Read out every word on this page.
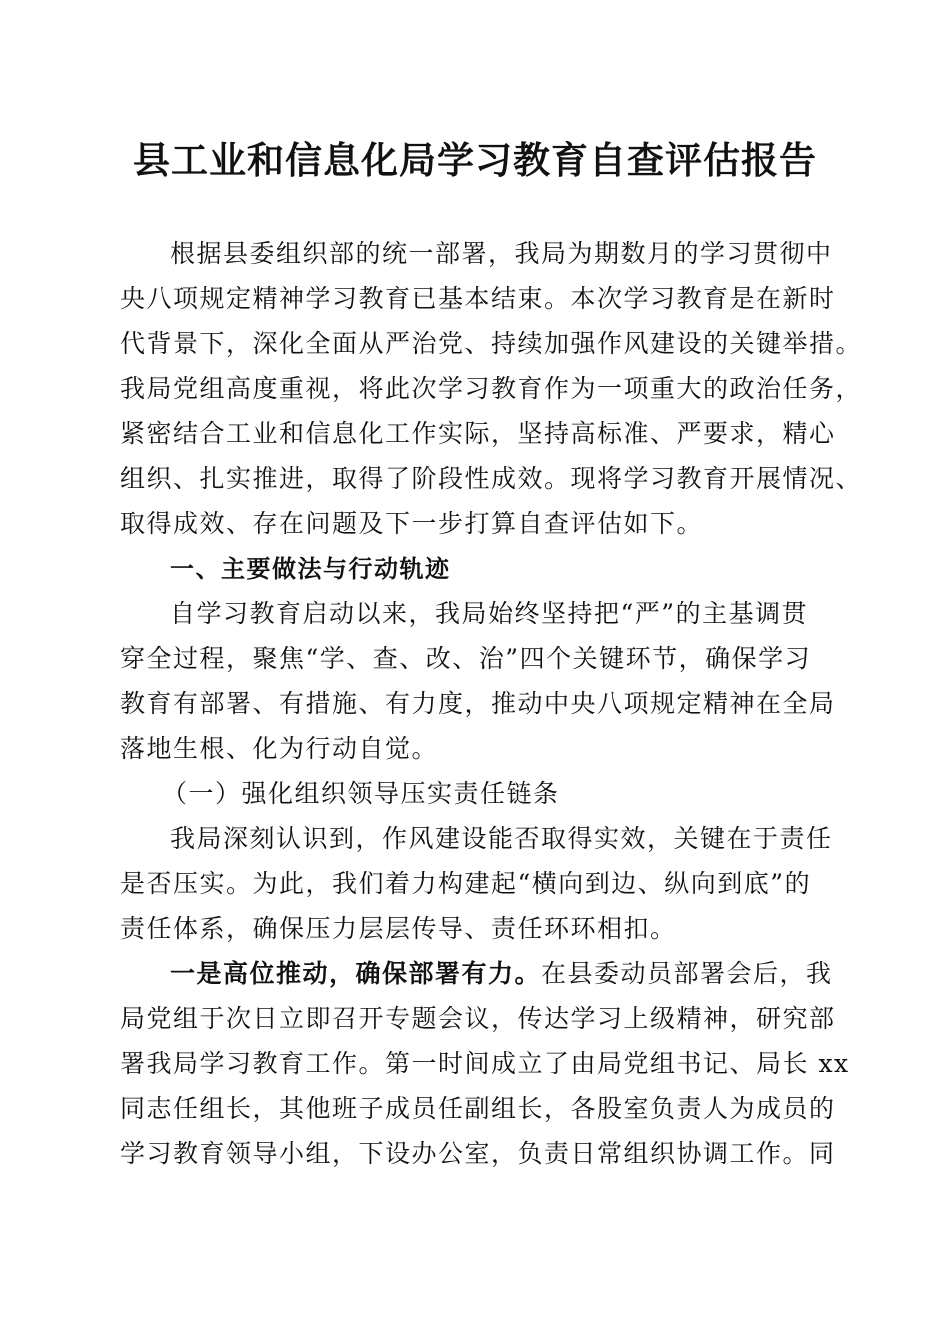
县工业和信息化局学习教育自查评估报告
根据县委组织部的统一部署，我局为期数月的学习贯彻中
央八项规定精神学习教育已基本结束。本次学习教育是在新时
代背景下，深化全面从严治党、持续加强作风建设的关键举措。
我局党组高度重视，将此次学习教育作为一项重大的政治任务，
紧密结合工业和信息化工作实际，坚持高标准、严要求，精心
组织、扎实推进，取得了阶段性成效。现将学习教育开展情况、
取得成效、存在问题及下一步打算自查评估如下。
一、主要做法与行动轨迹
自学习教育启动以来，我局始终坚持把“严”的主基调贯
穿全过程，聚焦“学、查、改、治”四个关键环节，确保学习
教育有部署、有措施、有力度，推动中央八项规定精神在全局
落地生根、化为行动自觉。
（一）强化组织领导压实责任链条
我局深刻认识到，作风建设能否取得实效，关键在于责任
是否压实。为此，我们着力构建起“横向到边、纵向到底”的
责任体系，确保压力层层传导、责任环环相扣。
一是高位推动，确保部署有力。在县委动员部署会后，我
局党组于次日立即召开专题会议，传达学习上级精神，研究部
署我局学习教育工作。第一时间成立了由局党组书记、局长 xx
同志任组长，其他班子成员任副组长，各股室负责人为成员的
学习教育领导小组，下设办公室，负责日常组织协调工作。同
